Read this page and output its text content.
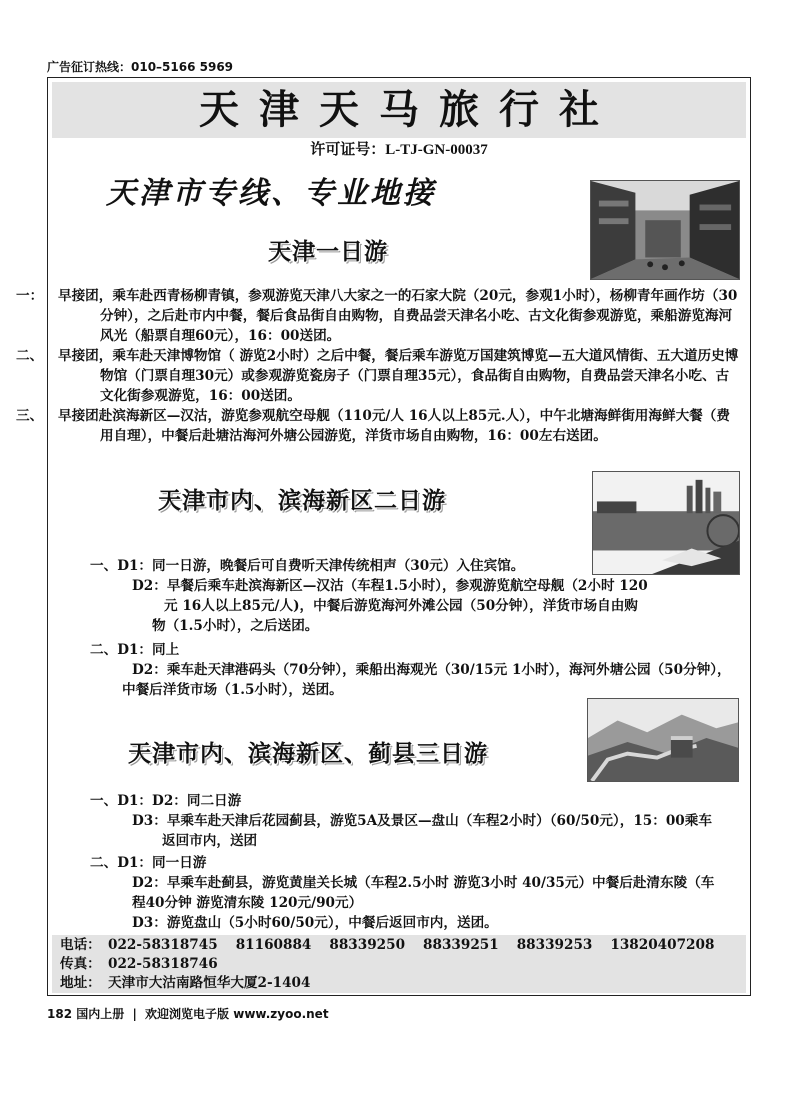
广告征订热线：010–5166 5969
天津天马旅行社
许可证号：L-TJ-GN-00037
天津市专线、专业地接
天津一日游
一： 早接团，乘车赴西青杨柳青镇，参观游览天津八大家之一的石家大院（20元，参观1小时），杨柳青年画作坊（30分钟），之后赴市内中餐，餐后食品街自由购物，自费品尝天津名小吃、古文化街参观游览，乘船游览海河风光（船票自理60元），16：00送团。
二、 早接团，乘车赴天津博物馆（ 游览2小时）之后中餐，餐后乘车游览万国建筑博览—五大道风情街、五大道历史博物馆（门票自理30元）或参观游览瓷房子（门票自理35元），食品街自由购物，自费品尝天津名小吃、古文化街参观游览，16：00送团。
三、 早接团赴滨海新区—汉沽，游览参观航空母舰（110元/人 16人以上85元.人），中午北塘海鲜街用海鲜大餐（费用自理），中餐后赴塘沽海河外塘公园游览，洋货市场自由购物，16：00左右送团。
天津市内、滨海新区二日游
一、D1：同一日游，晚餐后可自费听天津传统相声（30元）入住宾馆。
D2：早餐后乘车赴滨海新区—汉沽（车程1.5小时），参观游览航空母舰（2小时 120
元 16人以上85元/人)，中餐后游览海河外滩公园（50分钟），洋货市场自由购
物（1.5小时），之后送团。
二、D1：同上
D2：乘车赴天津港码头（70分钟），乘船出海观光（30/15元 1小时），海河外塘公园（50分钟），
中餐后洋货市场（1.5小时），送团。
天津市内、滨海新区、蓟县三日游
一、D1：D2：同二日游
D3：早乘车赴天津后花园蓟县，游览5A及景区—盘山（车程2小时）（60/50元），15：00乘车
返回市内，送团
二、D1：同一日游
D2：早乘车赴蓟县，游览黄崖关长城（车程2.5小时 游览3小时 40/35元）中餐后赴清东陵（车
程40分钟 游览清东陵 120元/90元）
D3：游览盘山（5小时60/50元），中餐后返回市内，送团。
电话： 022-58318745 81160884 88339250 88339251 88339253 13820407208
传真： 022-58318746
地址： 天津市大沽南路恒华大厦2-1404
182 国内上册 | 欢迎浏览电子版 www.zyoo.net
